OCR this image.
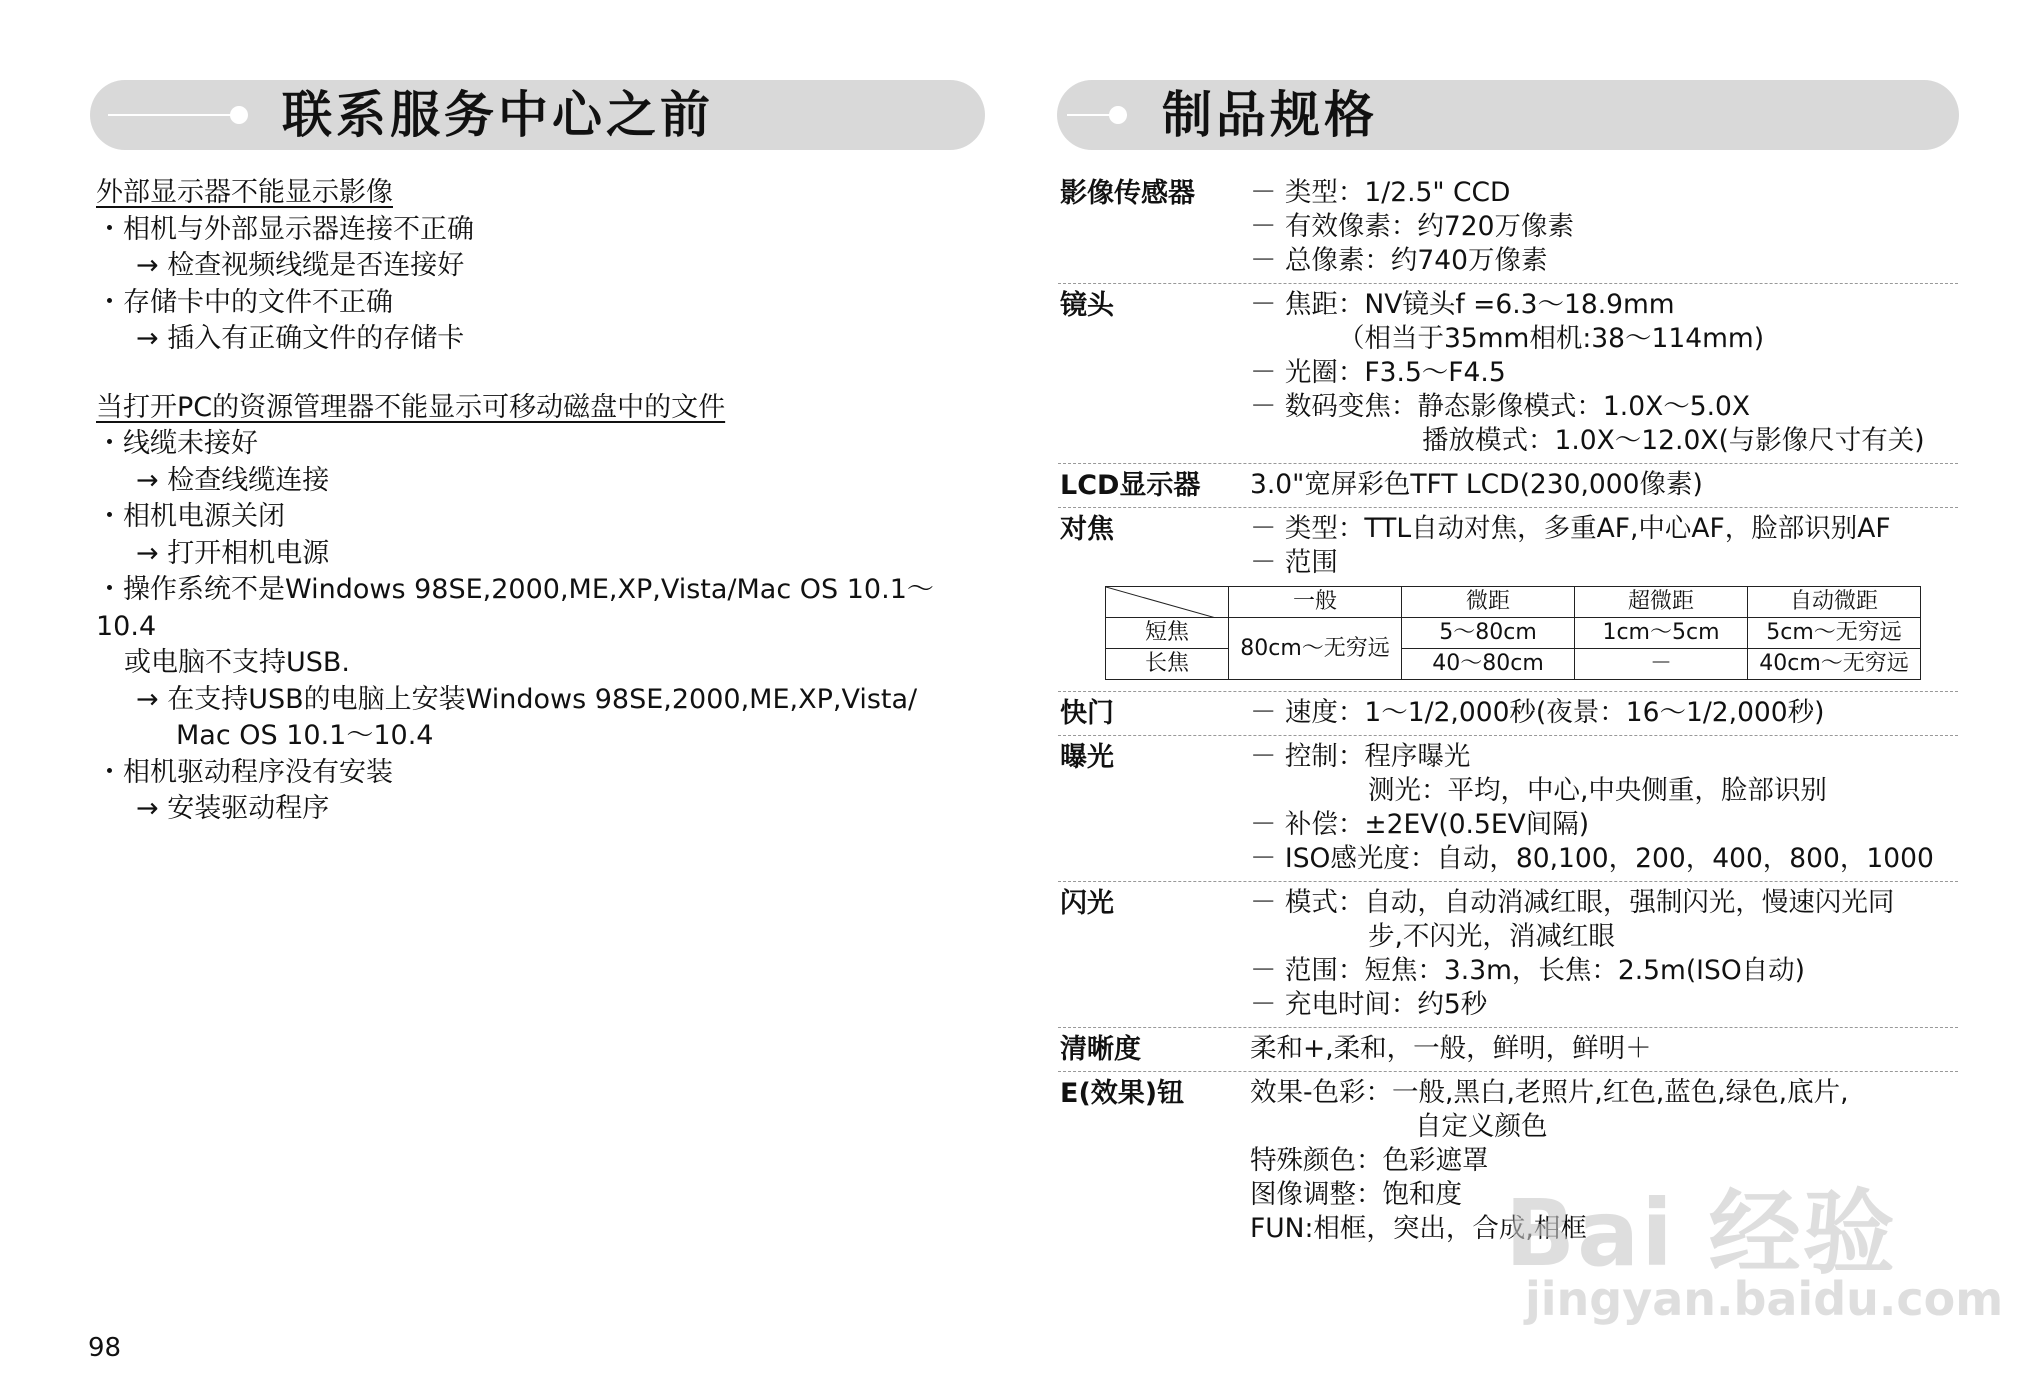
联系服务中心之前	制品规格
外部显示器不能显示影像
・相机与外部显示器连接不正确
→ 检查视频线缆是否连接好
・存储卡中的文件不正确
→ 插入有正确文件的存储卡
当打开PC的资源管理器不能显示可移动磁盘中的文件
・线缆未接好
→ 检查线缆连接
・相机电源关闭
→ 打开相机电源
・操作系统不是Windows 98SE,2000,ME,XP,Vista/Mac OS 10.1～10.4
或电脑不支持USB.
→ 在支持USB的电脑上安装Windows 98SE,2000,ME,XP,Vista/
Mac OS 10.1～10.4
・相机驱动程序没有安装
→ 安装驱动程序
98
影像传感器 － 类型：1/2.5" CCD
－ 有效像素：约720万像素
－ 总像素：约740万像素
镜头	－ 焦距：NV镜头f =6.3～18.9mm
（相当于35mm相机:38～114mm)
－ 光圈：F3.5～F4.5
－ 数码变焦：静态影像模式：1.0X～5.0X
播放模式：1.0X～12.0X(与影像尺寸有关)
LCD显示器 3.0"宽屏彩色TFT LCD(230,000像素)
对焦	－ 类型：TTL自动对焦，多重AF,中心AF，脸部识别AF
－ 范围
	一般	微距	超微距	自动微距
短焦	80cm～无穷远	5～80cm	1cm～5cm	5cm～无穷远
长焦		40～80cm	－	40cm～无穷远
快门	－ 速度：1～1/2,000秒(夜景：16～1/2,000秒)
曝光	－ 控制：程序曝光
测光：平均，中心,中央侧重，脸部识别
－ 补偿：±2EV(0.5EV间隔)
－ ISO感光度：自动，80,100，200，400，800，1000
闪光	－ 模式：自动，自动消减红眼，强制闪光，慢速闪光同
步,不闪光，消减红眼
－ 范围：短焦：3.3m，长焦：2.5m(ISO自动)
－ 充电时间：约5秒
清晰度	柔和+,柔和，一般，鲜明，鲜明＋
E(效果)钮 效果-色彩：一般,黑白,老照片,红色,蓝色,绿色,底片,
自定义颜色
特殊颜色：色彩遮罩
图像调整：饱和度
FUN:相框，突出，合成,相框
Bai 经验
jingyan.baidu.com
